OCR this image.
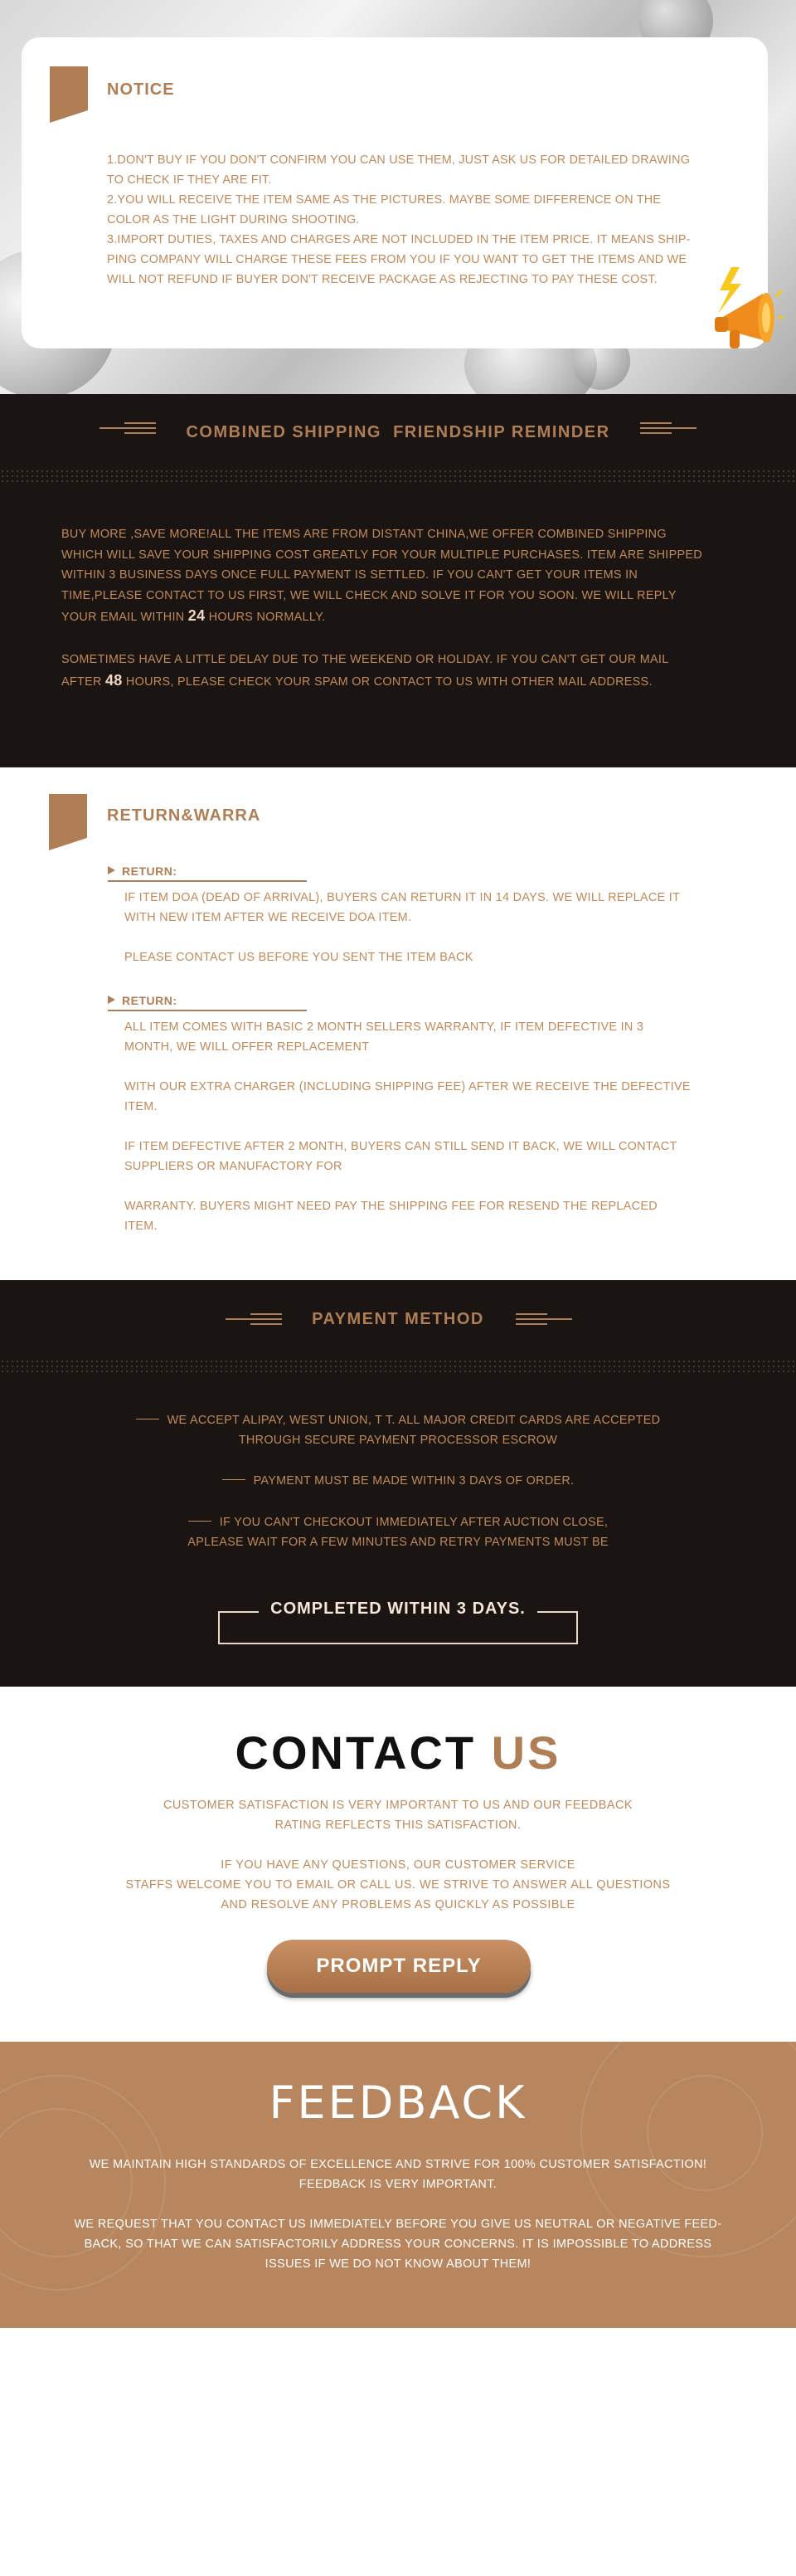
NOTICE
1.DON'T BUY IF YOU DON'T CONFIRM YOU CAN USE THEM, JUST ASK US FOR DETAILED DRAWING
TO CHECK IF THEY ARE FIT.
2.YOU WILL RECEIVE THE ITEM SAME AS THE PICTURES. MAYBE SOME DIFFERENCE ON THE
COLOR AS THE LIGHT DURING SHOOTING.
3.IMPORT DUTIES, TAXES AND CHARGES ARE NOT INCLUDED IN THE ITEM PRICE. IT MEANS SHIP-
PING COMPANY WILL CHARGE THESE FEES FROM YOU IF YOU WANT TO GET THE ITEMS AND WE
WILL NOT REFUND IF BUYER DON'T RECEIVE PACKAGE AS REJECTING TO PAY THESE COST.
COMBINED SHIPPING  FRIENDSHIP REMINDER
BUY MORE ,SAVE MORE!ALL THE ITEMS ARE FROM DISTANT CHINA,WE OFFER COMBINED SHIPPING
WHICH WILL SAVE YOUR SHIPPING COST GREATLY FOR YOUR MULTIPLE PURCHASES. ITEM ARE SHIPPED
WITHIN 3 BUSINESS DAYS ONCE FULL PAYMENT IS SETTLED. IF YOU CAN'T GET YOUR ITEMS IN
TIME,PLEASE CONTACT TO US FIRST, WE WILL CHECK AND SOLVE IT FOR YOU SOON. WE WILL REPLY
YOUR EMAIL WITHIN 24 HOURS NORMALLY.
SOMETIMES HAVE A LITTLE DELAY DUE TO THE WEEKEND OR HOLIDAY. IF YOU CAN'T GET OUR MAIL
AFTER 48 HOURS, PLEASE CHECK YOUR SPAM OR CONTACT TO US WITH OTHER MAIL ADDRESS.
RETURN&WARRA
RETURN:
IF ITEM DOA (DEAD OF ARRIVAL), BUYERS CAN RETURN IT IN 14 DAYS. WE WILL REPLACE IT
WITH NEW ITEM AFTER WE RECEIVE DOA ITEM.
PLEASE CONTACT US BEFORE YOU SENT THE ITEM BACK
RETURN:
ALL ITEM COMES WITH BASIC 2 MONTH SELLERS WARRANTY, IF ITEM DEFECTIVE IN 3
MONTH, WE WILL OFFER REPLACEMENT
WITH OUR EXTRA CHARGER (INCLUDING SHIPPING FEE) AFTER WE RECEIVE THE DEFECTIVE
ITEM.
IF ITEM DEFECTIVE AFTER 2 MONTH, BUYERS CAN STILL SEND IT BACK, WE WILL CONTACT
SUPPLIERS OR MANUFACTORY FOR
WARRANTY. BUYERS MIGHT NEED PAY THE SHIPPING FEE FOR RESEND THE REPLACED
ITEM.
PAYMENT METHOD
WE ACCEPT ALIPAY, WEST UNION, T T. ALL MAJOR CREDIT CARDS ARE ACCEPTED
THROUGH SECURE PAYMENT PROCESSOR ESCROW
PAYMENT MUST BE MADE WITHIN 3 DAYS OF ORDER.
IF YOU CAN'T CHECKOUT IMMEDIATELY AFTER AUCTION CLOSE,
APLEASE WAIT FOR A FEW MINUTES AND RETRY PAYMENTS MUST BE
COMPLETED WITHIN 3 DAYS.
CONTACT US
CUSTOMER SATISFACTION IS VERY IMPORTANT TO US AND OUR FEEDBACK
RATING REFLECTS THIS SATISFACTION.
IF YOU HAVE ANY QUESTIONS, OUR CUSTOMER SERVICE
STAFFS WELCOME YOU TO EMAIL OR CALL US. WE STRIVE TO ANSWER ALL QUESTIONS
AND RESOLVE ANY PROBLEMS AS QUICKLY AS POSSIBLE
PROMPT REPLY
FEEDBACK
WE MAINTAIN HIGH STANDARDS OF EXCELLENCE AND STRIVE FOR 100% CUSTOMER SATISFACTION!
FEEDBACK IS VERY IMPORTANT.
WE REQUEST THAT YOU CONTACT US IMMEDIATELY BEFORE YOU GIVE US NEUTRAL OR NEGATIVE FEED-
BACK, SO THAT WE CAN SATISFACTORILY ADDRESS YOUR CONCERNS. IT IS IMPOSSIBLE TO ADDRESS
ISSUES IF WE DO NOT KNOW ABOUT THEM!
